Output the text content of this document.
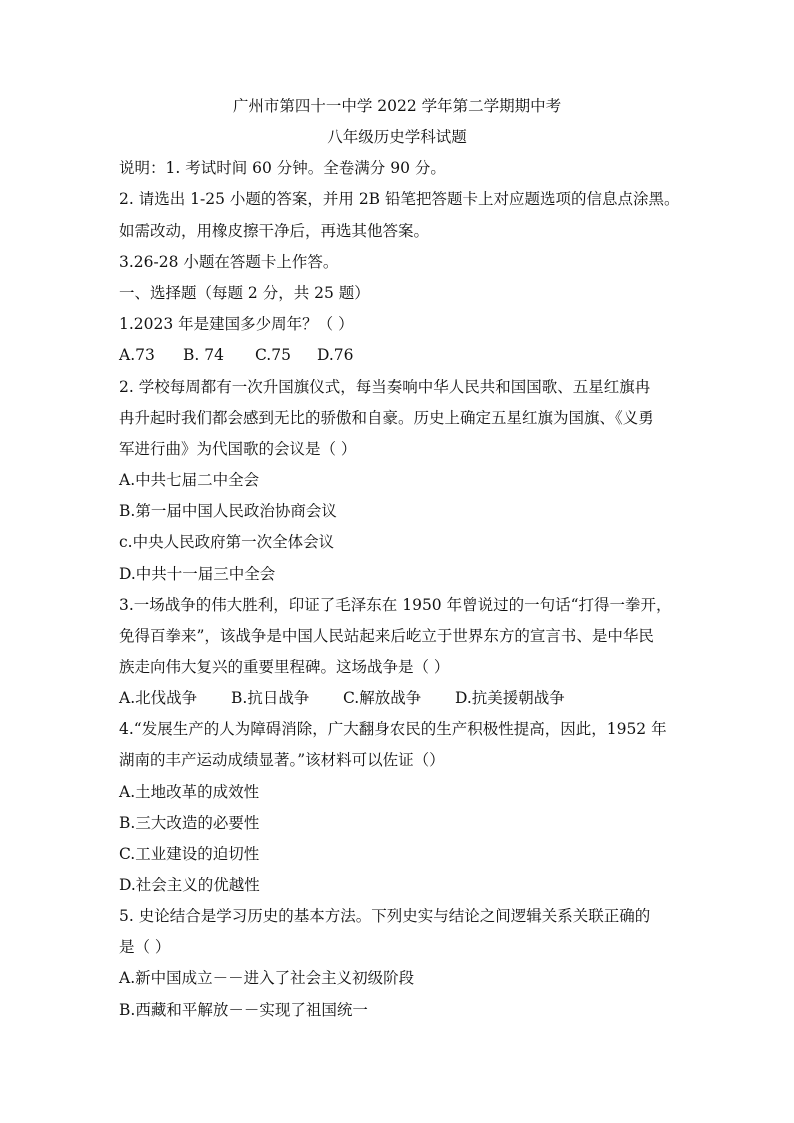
广州市第四十一中学 2022 学年第二学期期中考
八年级历史学科试题
说明：1. 考试时间 60 分钟。全卷满分 90 分。
2. 请选出 1-25 小题的答案，并用 2B 铅笔把答题卡上对应题选项的信息点涂黑。
如需改动，用橡皮擦干净后，再选其他答案。
3.26-28 小题在答题卡上作答。
一、选择题（每题 2 分，共 25 题）
1.2023 年是建国多少周年？（ ）
A.73 B. 74 C.75 D.76
2. 学校每周都有一次升国旗仪式，每当奏响中华人民共和国国歌、五星红旗冉
冉升起时我们都会感到无比的骄傲和自豪。历史上确定五星红旗为国旗、《义勇
军进行曲》为代国歌的会议是（ ）
A.中共七届二中全会
B.第一届中国人民政治协商会议
c.中央人民政府第一次全体会议
D.中共十一届三中全会
3.一场战争的伟大胜利，印证了毛泽东在 1950 年曾说过的一句话“打得一拳开，
免得百拳来”，该战争是中国人民站起来后屹立于世界东方的宣言书、是中华民
族走向伟大复兴的重要里程碑。这场战争是（ ）
A.北伐战争 B.抗日战争 C.解放战争 D.抗美援朝战争
4.“发展生产的人为障碍消除，广大翻身农民的生产积极性提高，因此，1952 年
湖南的丰产运动成绩显著。”该材料可以佐证（）
A.土地改革的成效性
B.三大改造的必要性
C.工业建设的迫切性
D.社会主义的优越性
5. 史论结合是学习历史的基本方法。下列史实与结论之间逻辑关系关联正确的
是（ ）
A.新中国成立－－进入了社会主义初级阶段
B.西藏和平解放－－实现了祖国统一
